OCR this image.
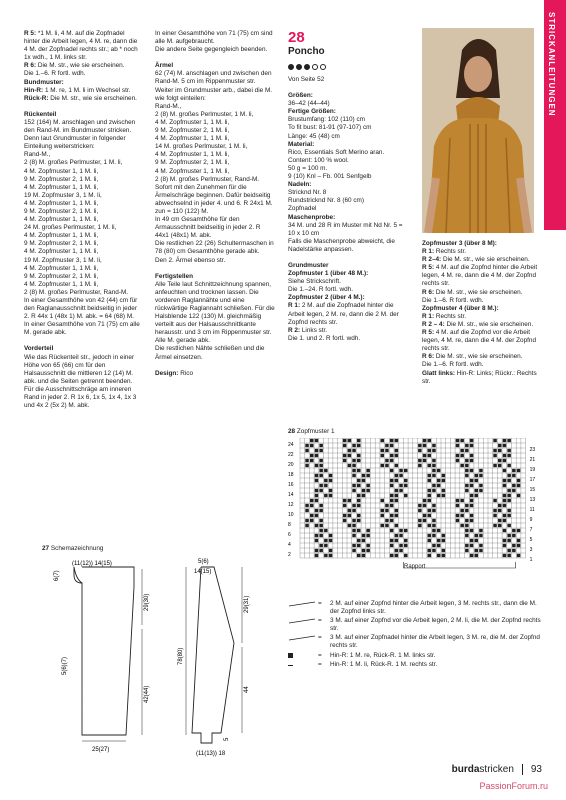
STRICKANLEITUNGEN

R 5: *1 M. li, 4 M. auf die Zopfnadel hinter die Arbeit legen, 4 M. re, dann die 4 M. der Zopfnadel rechts str.; ab * noch 1x wdh., 1 M. links str.

R 6: Die M. str., wie sie erscheinen.

Die 1.–6. R fortl. wdh.

Bundmuster:

Hin-R: 1 M. re, 1 M. li im Wechsel str.

Rück-R: Die M. str., wie sie erscheinen.

Rückenteil

152 (164) M. anschlagen und zwischen den Rand-M. im Bundmuster stricken.

Denn laut Grundmuster in folgender Einteilung weiterstricken:

Rand-M.,

2 (8) M. großes Perlmuster, 1 M. li,

4 M. Zopfmuster 1, 1 M. li,

9 M. Zopfmuster 2, 1 M. li,

4 M. Zopfmuster 1, 1 M. li,

19 M. Zopfmuster 3, 1 M. li,

4 M. Zopfmuster 1, 1 M. li,

9 M. Zopfmuster 2, 1 M. li,

4 M. Zopfmuster 1, 1 M. li,

24 M. großes Perlmuster, 1 M. li,

4 M. Zopfmuster 1, 1 M. li,

9 M. Zopfmuster 2, 1 M. li,

4 M. Zopfmuster 1, 1 M. li,

19 M. Zopfmuster 3, 1 M. li,

4 M. Zopfmuster 1, 1 M. li,

9 M. Zopfmuster 2, 1 M. li,

4 M. Zopfmuster 1, 1 M. li,

2 (8) M. großes Perlmuster, Rand-M.

In einer Gesamthöhe von 42 (44) cm für den Raglanausschnitt beidseitig in jeder 2. R 44x 1 (48x 1) M. abk. = 64 (68) M.

In einer Gesamthöhe von 71 (75) cm alle M. gerade abk.

Vorderteil

Wie das Rückenteil str., jedoch in einer Höhe von 65 (66) cm für den Halsausschnitt die mittleren 12 (14) M. abk. und die Seiten getrennt beenden. Für die Ausschnittschräge am inneren Rand in jeder 2. R 1x 6, 1x 5, 1x 4, 1x 3 und 4x 2 (5x 2) M. abk.

In einer Gesamthöhe von 71 (75) cm sind alle M. aufgebraucht.

Die andere Seite gegengleich beenden.

Ärmel

62 (74) M. anschlagen und zwischen den Rand-M. 5 cm im Rippenmuster str. Weiter im Grundmuster arb., dabei die M. wie folgt einteilen:

Rand-M.,

2 (8) M. großes Perlmuster, 1 M. li,

4 M. Zopfmuster 1, 1 M. li,

9 M. Zopfmuster 2, 1 M. li,

4 M. Zopfmuster 1, 1 M. li,

14 M. großes Perlmuster, 1 M. li,

4 M. Zopfmuster 1, 1 M. li,

9 M. Zopfmuster 2, 1 M. li,

4 M. Zopfmuster 1, 1 M. li,

2 (8) M. großes Perlmuster, Rand-M.

Sofort mit den Zunehmen für die Ärmelschräge beginnen. Dafür beidseitig abwechselnd in jeder 4. und 6. R 24x1 M. zun = 110 (122) M.

In 49 cm Gesamthöhe für den Armausschnitt beidseitig in jeder 2. R 44x1 (48x1) M. abk.

Die restlichen 22 (26) Schultermaschen in 78 (80) cm Gesamthöhe gerade abk.

Den 2. Ärmel ebenso str.

Fertigstellen

Alle Teile laut Schnittzeichnung spannen, anfeuchten und trocknen lassen. Die vorderen Raglannähte und eine rückwärtige Raglannaht schließen. Für die Halsblende 122 (130) M. gleichmäßig verteilt aus der Halsausschnittkante herausstr. und 3 cm im Rippenmuster str. Alle M. gerade abk.

Die restlichen Nähte schließen und die Ärmel einsetzen.

Design: Rico

28
Poncho
Von Seite 52

Größen:

36–42 (44–44)

Fertige Größen:

Brustumfang: 102 (110) cm

To fit bust: 81-91 (97-107) cm

Länge: 45 (48) cm

Material:

Rico, Essentials Soft Merino aran.

Content: 100 % wool.

50 g = 100 m.

9 (10) Knl – Fb. 001 Senfgelb

Nadeln:

Stricknd Nr. 8

Rundstricknd Nr. 8 (60 cm)

Zopfnadel

Maschenprobe:

34 M. und 28 R im Muster mit Nd Nr. 5 = 10 x 10 cm

Falls die Maschenprobe abweicht, die Nadelstärke anpassen.

Grundmuster

Zopfmuster 1 (über 48 M.):

Siehe Strickschrift.

Die 1.–24. R fortl. wdh.

Zopfmuster 2 (über 4 M.):

R 1: 2 M. auf die Zopfnadel hinter die Arbeit legen, 2 M. re, dann die 2 M. der Zopfnd rechts str.

R 2: Links str.

Die 1. und 2. R fortl. wdh.

Zopfmuster 3 (über 8 M):

R 1: Rechts str.

R 2–4: Die M. str., wie sie erscheinen.

R 5: 4 M. auf die Zopfnd hinter die Arbeit legen, 4 M. re, dann die 4 M. der Zopfnd rechts str.

R 6: Die M. str., wie sie erscheinen.

Die 1.–6. R fortl. wdh.

Zopfmuster 4 (über 8 M.):

R 1: Rechts str.

R 2 – 4: Die M. str., wie sie erscheinen.

R 5: 4 M. auf die Zopfnd vor die Arbeit legen, 4 M. re, dann die 4 M. der Zopfnd rechts str.

R 6: Die M. str., wie sie erscheinen.

Die 1.–6. R fortl. wdh.

Glatt links: Hin-R: Links; Rückr.: Rechts str.

28 Zopfmuster 1
24
22
20
18
16
14
12
10
8
6
4
2
23
21
19
17
15
13
11
9
7
5
3
1
Rapport
=	2 M. auf einer Zopfnd hinter die Arbeit legen, 3 M. rechts str., dann die M. der Zopfnd links str.
=	3 M. auf einer Zopfnd vor die Arbeit legen, 2 M. li, die M. der Zopfnd rechts str.
=	3 M. auf einer Zopfnadel hinter die Arbeit legen, 3 M. re, die M. der Zopfnd rechts str.
=	Hin-R: 1 M. re, Rück-R. 1 M. links str.
=	Hin-R: 1 M. li, Rück-R. 1 M. rechts str.
27 Schemazeichnung
(11(12)) 14(15)
6(7)
29(30)
42(44)
5(6)(7)
25(27)
5(6)
14(15)
29(31)
78(80)
44
5
(11(13)) 18
burdastricken 93
PassionForum.ru
